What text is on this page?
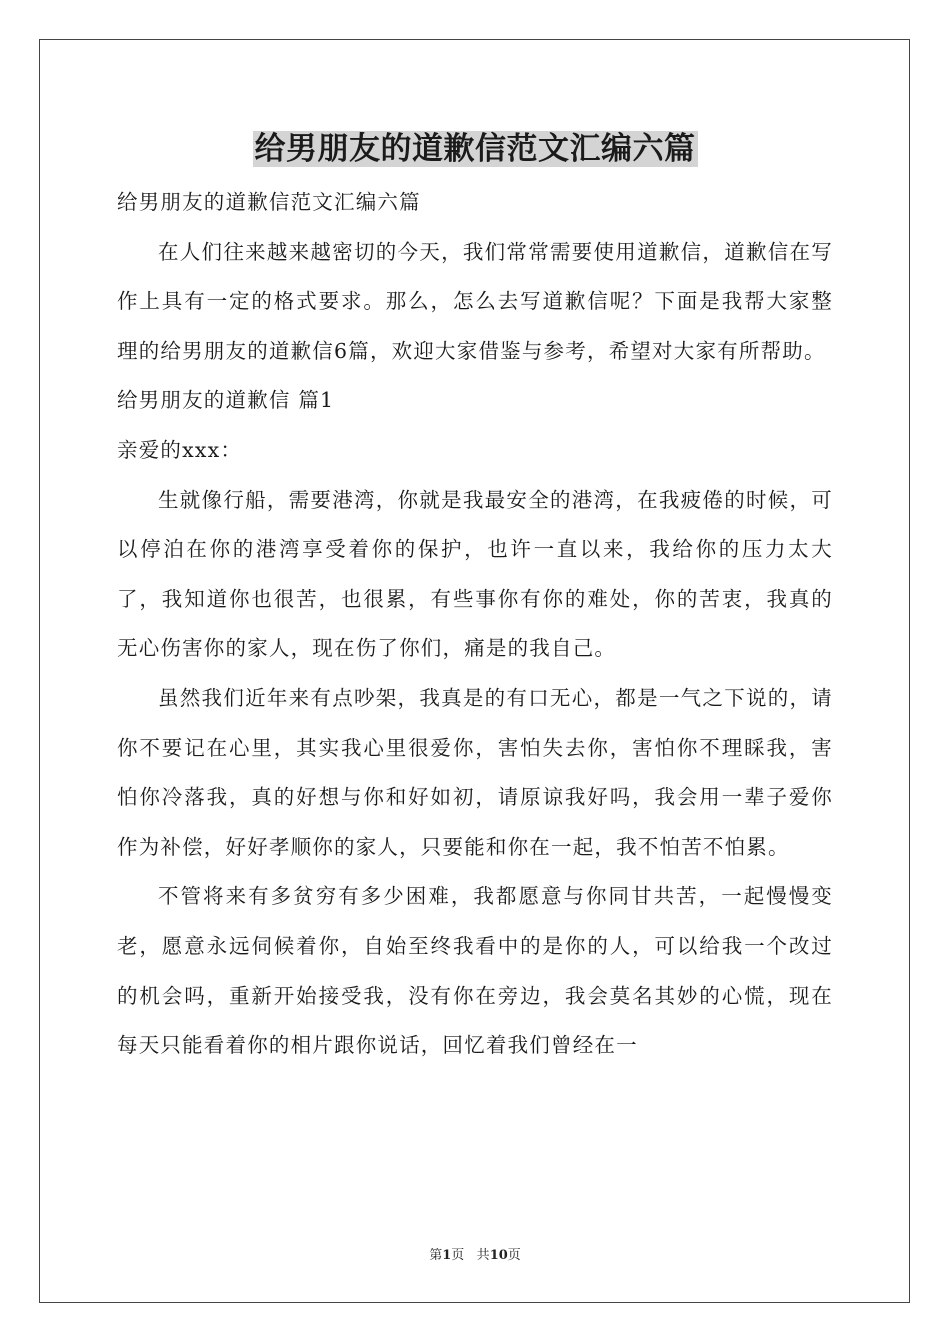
给男朋友的道歉信范文汇编六篇

给男朋友的道歉信范文汇编六篇

在人们往来越来越密切的今天，我们常常需要使用道歉信，道歉信在写作上具有一定的格式要求。那么，怎么去写道歉信呢？下面是我帮大家整理的给男朋友的道歉信6篇，欢迎大家借鉴与参考，希望对大家有所帮助。

给男朋友的道歉信 篇1

亲爱的xxx：

生就像行船，需要港湾，你就是我最安全的港湾，在我疲倦的时候，可以停泊在你的港湾享受着你的保护，也许一直以来，我给你的压力太大了，我知道你也很苦，也很累，有些事你有你的难处，你的苦衷，我真的无心伤害你的家人，现在伤了你们，痛是的我自己。

虽然我们近年来有点吵架，我真是的有口无心，都是一气之下说的，请你不要记在心里，其实我心里很爱你，害怕失去你，害怕你不理睬我，害怕你冷落我，真的好想与你和好如初，请原谅我好吗，我会用一辈子爱你作为补偿，好好孝顺你的家人，只要能和你在一起，我不怕苦不怕累。

不管将来有多贫穷有多少困难，我都愿意与你同甘共苦，一起慢慢变老，愿意永远伺候着你，自始至终我看中的是你的人，可以给我一个改过的机会吗，重新开始接受我，没有你在旁边，我会莫名其妙的心慌，现在每天只能看着你的相片跟你说话，回忆着我们曾经在一

第1页 共10页
